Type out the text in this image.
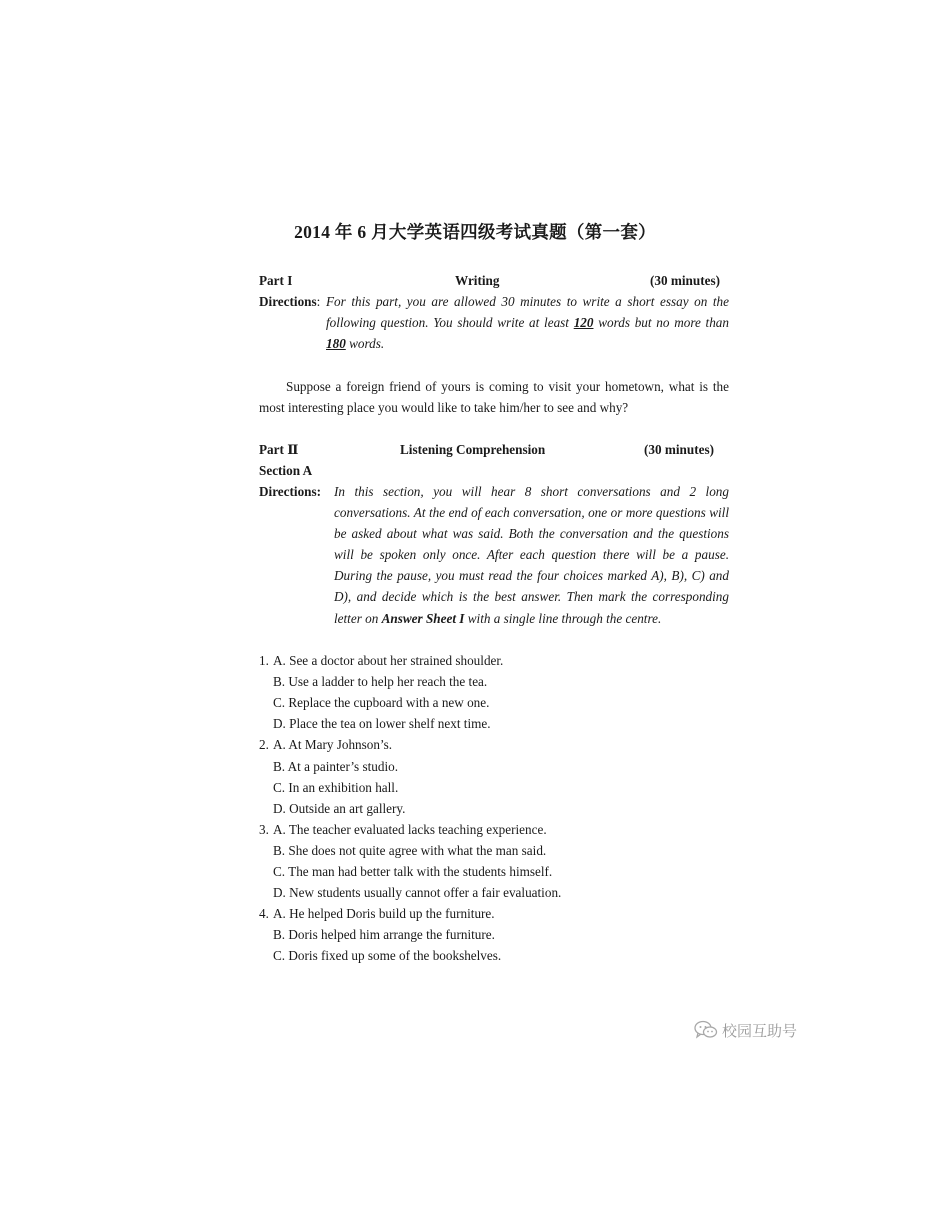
2014 年 6 月大学英语四级考试真题（第一套）
Part I	Writing	(30 minutes)
Directions: For this part, you are allowed 30 minutes to write a short essay on the following question. You should write at least 120 words but no more than 180 words.
Suppose a foreign friend of yours is coming to visit your hometown, what is the most interesting place you would like to take him/her to see and why?
Part Ⅱ	Listening Comprehension	(30 minutes)
Section A
Directions: In this section, you will hear 8 short conversations and 2 long conversations. At the end of each conversation, one or more questions will be asked about what was said. Both the conversation and the questions will be spoken only once. After each question there will be a pause. During the pause, you must read the four choices marked A), B), C) and D), and decide which is the best answer. Then mark the corresponding letter on Answer Sheet I with a single line through the centre.
1. A. See a doctor about her strained shoulder.
B. Use a ladder to help her reach the tea.
C. Replace the cupboard with a new one.
D. Place the tea on lower shelf next time.
2. A. At Mary Johnson’s.
B. At a painter’s studio.
C. In an exhibition hall.
D. Outside an art gallery.
3. A. The teacher evaluated lacks teaching experience.
B. She does not quite agree with what the man said.
C. The man had better talk with the students himself.
D. New students usually cannot offer a fair evaluation.
4. A. He helped Doris build up the furniture.
B. Doris helped him arrange the furniture.
C. Doris fixed up some of the bookshelves.
校园互助号
